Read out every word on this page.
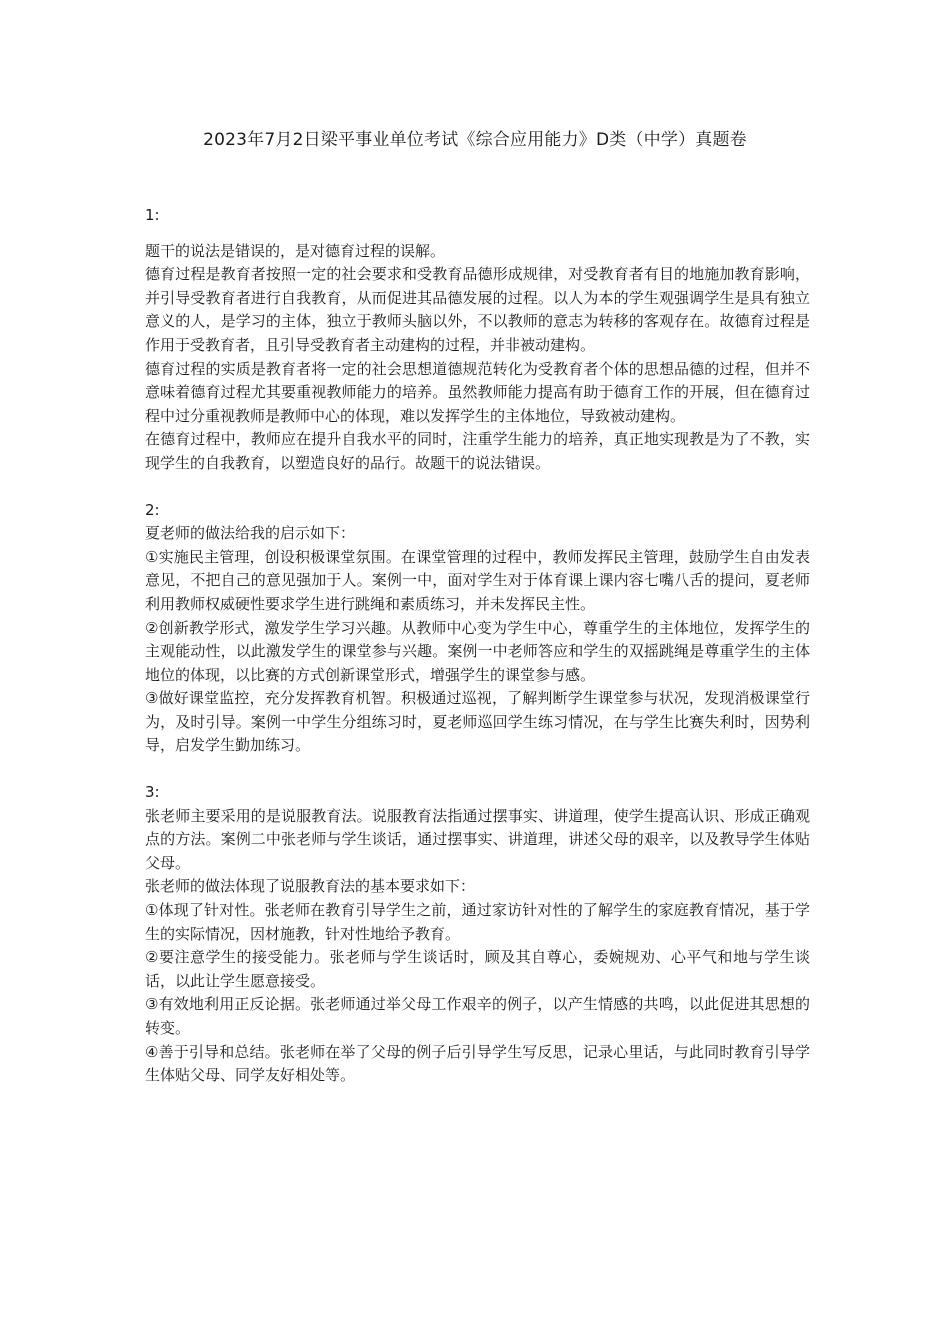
2023年7月2日梁平事业单位考试《综合应用能力》D类（中学）真题卷
1:

题干的说法是错误的，是对德育过程的误解。

德育过程是教育者按照一定的社会要求和受教育品德形成规律，对受教育者有目的地施加教育影响，并引导受教育者进行自我教育，从而促进其品德发展的过程。以人为本的学生观强调学生是具有独立意义的人，是学习的主体，独立于教师头脑以外，不以教师的意志为转移的客观存在。故德育过程是作用于受教育者，且引导受教育者主动建构的过程，并非被动建构。

德育过程的实质是教育者将一定的社会思想道德规范转化为受教育者个体的思想品德的过程，但并不意味着德育过程尤其要重视教师能力的培养。虽然教师能力提高有助于德育工作的开展，但在德育过程中过分重视教师是教师中心的体现，难以发挥学生的主体地位，导致被动建构。

在德育过程中，教师应在提升自我水平的同时，注重学生能力的培养，真正地实现教是为了不教，实现学生的自我教育，以塑造良好的品行。故题干的说法错误。

2:

夏老师的做法给我的启示如下：

①实施民主管理，创设积极课堂氛围。在课堂管理的过程中，教师发挥民主管理，鼓励学生自由发表意见，不把自己的意见强加于人。案例一中，面对学生对于体育课上课内容七嘴八舌的提问，夏老师利用教师权威硬性要求学生进行跳绳和素质练习，并未发挥民主性。

②创新教学形式，激发学生学习兴趣。从教师中心变为学生中心，尊重学生的主体地位，发挥学生的主观能动性，以此激发学生的课堂参与兴趣。案例一中老师答应和学生的双摇跳绳是尊重学生的主体地位的体现，以比赛的方式创新课堂形式，增强学生的课堂参与感。

③做好课堂监控，充分发挥教育机智。积极通过巡视，了解判断学生课堂参与状况，发现消极课堂行为，及时引导。案例一中学生分组练习时，夏老师巡回学生练习情况，在与学生比赛失利时，因势利导，启发学生勤加练习。

3:

张老师主要采用的是说服教育法。说服教育法指通过摆事实、讲道理，使学生提高认识、形成正确观点的方法。案例二中张老师与学生谈话，通过摆事实、讲道理，讲述父母的艰辛，以及教导学生体贴父母。

张老师的做法体现了说服教育法的基本要求如下：

①体现了针对性。张老师在教育引导学生之前，通过家访针对性的了解学生的家庭教育情况，基于学生的实际情况，因材施教，针对性地给予教育。

②要注意学生的接受能力。张老师与学生谈话时，顾及其自尊心，委婉规劝、心平气和地与学生谈话，以此让学生愿意接受。

③有效地利用正反论据。张老师通过举父母工作艰辛的例子，以产生情感的共鸣，以此促进其思想的转变。

④善于引导和总结。张老师在举了父母的例子后引导学生写反思，记录心里话，与此同时教育引导学生体贴父母、同学友好相处等。
